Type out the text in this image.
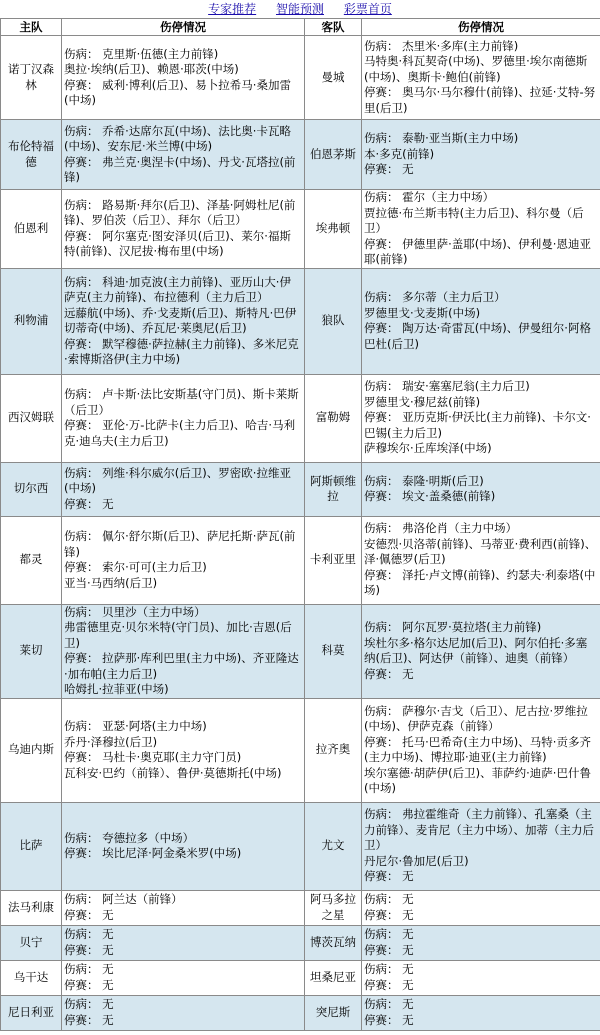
专家推荐 智能预测 彩票首页
主队	伤停情况	客队	伤停情况
诺丁汉森林	伤病： 克里斯·伍德(主力前锋)
奥拉·埃纳(后卫)、赖恩·耶茨(中场)
停赛： 威利·博利(后卫)、易卜拉希马·桑加雷(中场)	曼城	伤病： 杰里米·多库(主力前锋)
马特奥·科瓦契奇(中场)、罗德里·埃尔南德斯(中场)、奥斯卡·鲍伯(前锋)
停赛： 奥马尔·马尔穆什(前锋)、拉延·艾特-努里(后卫)

布伦特福德	伤病： 乔希·达席尔瓦(中场)、法比奥·卡瓦略(中场)、安东尼·米兰博(中场)
停赛： 弗兰克·奥涅卡(中场)、丹戈·瓦塔拉(前锋)	伯恩茅斯	伤病： 泰勒·亚当斯(主力中场)
本·多克(前锋)
停赛： 无

伯恩利	伤病： 路易斯·拜尔(后卫)、泽基·阿姆杜尼(前锋)、罗伯茨（后卫）、拜尔（后卫）
停赛： 阿尔塞克·图安泽贝(后卫)、莱尔·福斯特(前锋)、汉尼拔·梅布里(中场)	埃弗顿	伤病： 霍尔（主力中场）
贾拉德·布兰斯韦特(主力后卫)、科尔曼（后卫）
停赛： 伊德里萨·盖耶(中场)、伊利曼·恩迪亚耶(前锋)

利物浦	伤病： 科迪·加克波(主力前锋)、亚历山大·伊萨克(主力前锋)、布拉德利（主力后卫）
远藤航(中场)、乔·戈麦斯(后卫)、斯特凡·巴伊切蒂奇(中场)、乔瓦尼·莱奥尼(后卫)
停赛： 默罕穆德·萨拉赫(主力前锋)、多米尼克·索博斯洛伊(主力中场)	狼队	伤病： 多尔蒂（主力后卫）
罗德里戈·戈麦斯(中场)
停赛： 陶万达·奇雷瓦(中场)、伊曼纽尔·阿格巴杜(后卫)

西汉姆联	伤病： 卢卡斯·法比安斯基(守门员)、斯卡莱斯（后卫）
停赛： 亚伦·万-比萨卡(主力后卫)、哈吉·马利克·迪乌夫(主力后卫)	富勒姆	伤病： 瑞安·塞塞尼翁(主力后卫)
罗德里戈·穆尼兹(前锋)
停赛： 亚历克斯·伊沃比(主力前锋)、卡尔文·巴锡(主力后卫)
萨穆埃尔·丘库埃泽(中场)

切尔西	伤病： 列维·科尔威尔(后卫)、罗密欧·拉维亚(中场)
停赛： 无	阿斯顿维拉	伤病： 泰隆·明斯(后卫)
停赛： 埃文·盖桑德(前锋)

都灵	伤病： 佩尔·舒尔斯(后卫)、萨尼托斯·萨瓦(前锋)
停赛： 索尔·可可(主力后卫)
亚当·马西纳(后卫)	卡利亚里	伤病： 弗洛伦肖（主力中场）
安德烈·贝洛蒂(前锋)、马蒂亚·费利西(前锋)、泽·佩德罗(后卫)
停赛： 泽托·卢文博(前锋)、约瑟夫·利泰塔(中场)

莱切	伤病： 贝里沙（主力中场）
弗雷德里克·贝尔米特(守门员)、加比·吉恩(后卫)
停赛： 拉萨那·库利巴里(主力中场)、齐亚隆达·加布帕(主力后卫)
哈姆扎·拉菲亚(中场)	科莫	伤病： 阿尔瓦罗·莫拉塔(主力前锋)
埃杜尔多·格尔达尼加(后卫)、阿尔伯托·多塞纳(后卫)、阿达伊（前锋）、迪奥（前锋）
停赛： 无

乌迪内斯	伤病： 亚瑟·阿塔(主力中场)
乔丹·泽穆拉(后卫)
停赛： 马杜卡·奥克耶(主力守门员)
瓦科安·巴约（前锋）、鲁伊·莫德斯托(中场)	拉齐奥	伤病： 萨穆尔·吉戈（后卫）、尼古拉·罗维拉(中场)、伊萨克森（前锋）
停赛： 托马·巴希奇(主力中场)、马特·贡多齐(主力中场)、博拉耶·迪亚(主力前锋)
埃尔塞德·胡萨伊(后卫)、菲萨约·迪萨·巴什鲁(中场)

比萨	伤病： 夸德拉多（中场）
停赛： 埃比尼泽·阿金桑米罗(中场)	尤文	伤病： 弗拉霍维奇（主力前锋）、孔塞桑（主力前锋）、麦肯尼（主力中场）、加蒂（主力后卫）
丹尼尔·鲁加尼(后卫)
停赛： 无

法马利康	伤病： 阿兰达（前锋）
停赛： 无	阿马多拉之星	伤病： 无
停赛： 无

贝宁	伤病： 无
停赛： 无	博茨瓦纳	伤病： 无
停赛： 无

乌干达	伤病： 无
停赛： 无	坦桑尼亚	伤病： 无
停赛： 无

尼日利亚	伤病： 无
停赛： 无	突尼斯	伤病： 无
停赛： 无
